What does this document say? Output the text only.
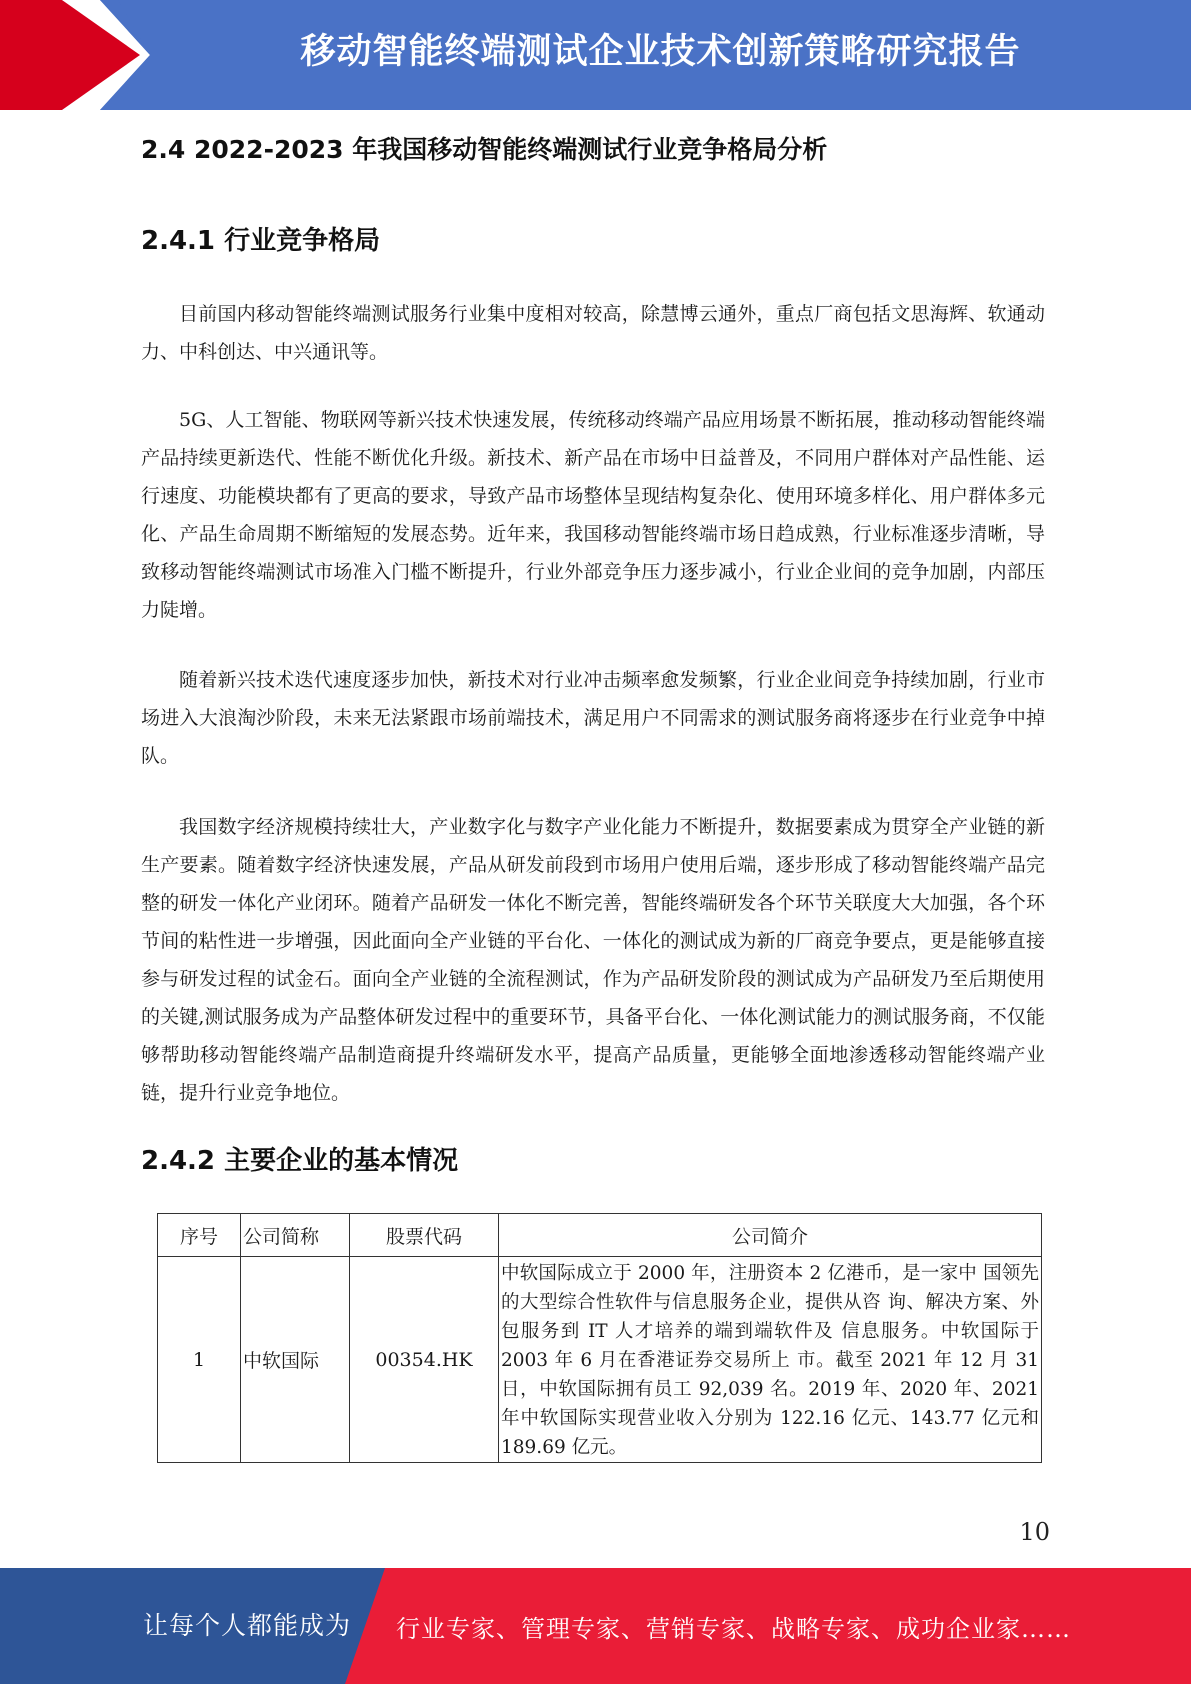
移动智能终端测试企业技术创新策略研究报告
2.4 2022-2023 年我国移动智能终端测试行业竞争格局分析
2.4.1 行业竞争格局

目前国内移动智能终端测试服务行业集中度相对较高，除慧博云通外，重点厂商包括文思海辉、软通动力、中科创达、中兴通讯等。

5G、人工智能、物联网等新兴技术快速发展，传统移动终端产品应用场景不断拓展，推动移动智能终端产品持续更新迭代、性能不断优化升级。新技术、新产品在市场中日益普及，不同用户群体对产品性能、运行速度、功能模块都有了更高的要求，导致产品市场整体呈现结构复杂化、使用环境多样化、用户群体多元化、产品生命周期不断缩短的发展态势。近年来，我国移动智能终端市场日趋成熟，行业标准逐步清晰，导致移动智能终端测试市场准入门槛不断提升，行业外部竞争压力逐步减小，行业企业间的竞争加剧，内部压力陡增。

随着新兴技术迭代速度逐步加快，新技术对行业冲击频率愈发频繁，行业企业间竞争持续加剧，行业市场进入大浪淘沙阶段，未来无法紧跟市场前端技术，满足用户不同需求的测试服务商将逐步在行业竞争中掉队。

我国数字经济规模持续壮大，产业数字化与数字产业化能力不断提升，数据要素成为贯穿全产业链的新生产要素。随着数字经济快速发展，产品从研发前段到市场用户使用后端，逐步形成了移动智能终端产品完整的研发一体化产业闭环。随着产品研发一体化不断完善，智能终端研发各个环节关联度大大加强，各个环节间的粘性进一步增强，因此面向全产业链的平台化、一体化的测试成为新的厂商竞争要点，更是能够直接参与研发过程的试金石。面向全产业链的全流程测试，作为产品研发阶段的测试成为产品研发乃至后期使用的关键,测试服务成为产品整体研发过程中的重要环节，具备平台化、一体化测试能力的测试服务商，不仅能够帮助移动智能终端产品制造商提升终端研发水平，提高产品质量，更能够全面地渗透移动智能终端产业链，提升行业竞争地位。

2.4.2 主要企业的基本情况
序号	公司简称	股票代码	公司简介
1	中软国际	00354.HK	中软国际成立于 2000 年，注册资本 2 亿港币，是一家中 国领先的大型综合性软件与信息服务企业，提供从咨 询、解决方案、外包服务到 IT 人才培养的端到端软件及 信息服务。中软国际于 2003 年 6 月在香港证券交易所上 市。截至 2021 年 12 月 31 日，中软国际拥有员工 92,039 名。2019 年、2020 年、2021 年中软国际实现营业收入分别为 122.16 亿元、143.77 亿元和 189.69 亿元。
10
让每个人都能成为 行业专家、管理专家、营销专家、战略专家、成功企业家……
